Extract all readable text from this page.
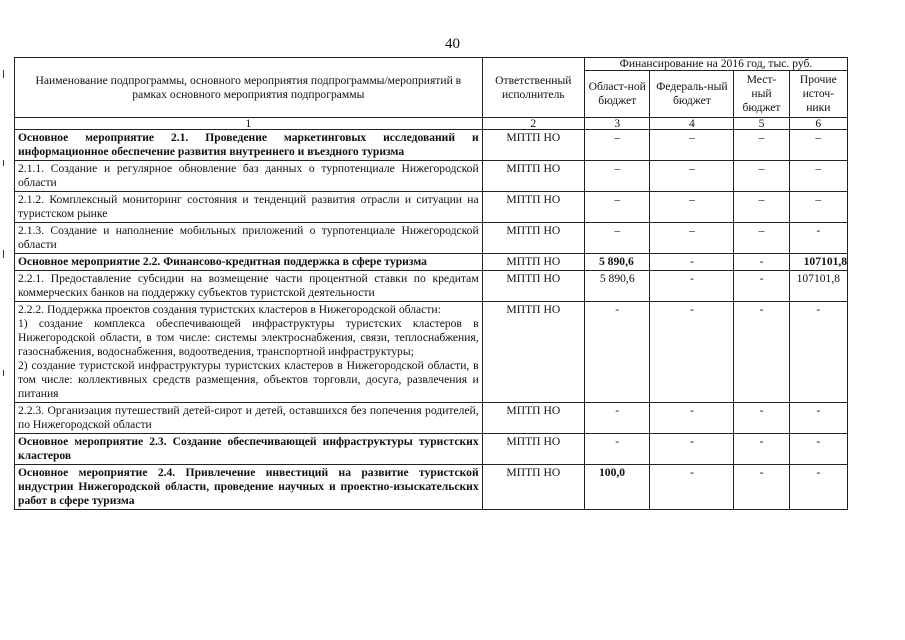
40
Наименование подпрограммы, основного мероприятия подпрограммы/мероприятий в рамках основного мероприятия подпрограммы	Ответственный исполнитель	Финансирование на 2016 год, тыс. руб.			
		Област-ной бюджет	Федераль-ный бюджет	Мест-ный бюджет	Прочие источ-ники
1	2	3	4	5	6
Основное мероприятие 2.1. Проведение маркетинговых исследований и информационное обеспечение развития внутреннего и въездного туризма	МПТП НО	–	–	–	–
2.1.1. Создание и регулярное обновление баз данных о турпотенциале Нижегородской области	МПТП НО	–	–	–	–
2.1.2. Комплексный мониторинг состояния и тенденций развития отрасли и ситуации на туристском рынке	МПТП НО	–	–	–	–
2.1.3. Создание и наполнение мобильных приложений о турпотенциале Нижегородской области	МПТП НО	–	–	–	-
Основное мероприятие 2.2. Финансово-кредитная поддержка в сфере туризма	МПТП НО	5 890,6	-	-	107101,8
2.2.1. Предоставление субсидии на возмещение части процентной ставки по кредитам коммерческих банков на поддержку субъектов туристской деятельности	МПТП НО	5 890,6	-	-	107101,8
2.2.2. Поддержка проектов создания туристских кластеров в Нижегородской области:
1) создание комплекса обеспечивающей инфраструктуры туристских кластеров в Нижегородской области, в том числе: системы электроснабжения, связи, теплоснабжения, газоснабжения, водоснабжения, водоотведения, транспортной инфраструктуры;
2) создание туристской инфраструктуры туристских кластеров в Нижегородской области, в том числе: коллективных средств размещения, объектов торговли, досуга, развлечения и питания	МПТП НО	-	-	-	-
2.2.3. Организация путешествий детей-сирот и детей, оставшихся без попечения родителей, по Нижегородской области	МПТП НО	-	-	-	-
Основное мероприятие 2.3. Создание обеспечивающей инфраструктуры туристских кластеров	МПТП НО	-	-	-	-
Основное мероприятие 2.4. Привлечение инвестиций на развитие туристской индустрии Нижегородской области, проведение научных и проектно-изыскательских работ в сфере туризма	МПТП НО	100,0	-	-	-
